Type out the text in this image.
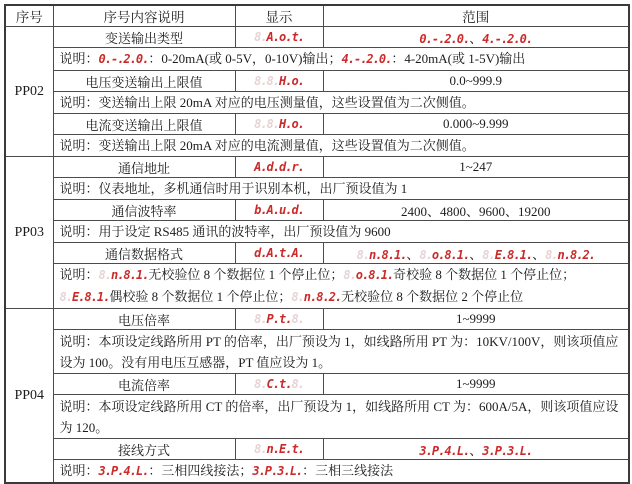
序号	序号内容说明	显示	范围
PP02	变送输出类型	8.A.o.t.	0.-.2.0.、4.-.2.0.
	说明：0.-.2.0.：0-20mA(或 0-5V，0-10V)输出；4.-.2.0.：4-20mA(或 1-5V)输出		
	电压变送输出上限值	8.8.H.o.	0.0~999.9
	说明：变送输出上限 20mA 对应的电压测量值，这些设置值为二次侧值。		
	电流变送输出上限值	8.8.H.o.	0.000~9.999
	说明：变送输出上限 20mA 对应的电流测量值，这些设置值为二次侧值。		
PP03	通信地址	A.d.d.r.	1~247
	说明：仪表地址，多机通信时用于识别本机，出厂预设值为 1		
	通信波特率	b.A.u.d.	2400、4800、9600、19200
	说明：用于设定 RS485 通讯的波特率，出厂预设值为 9600		
	通信数据格式	d.A.t.A.	8.n.8.1.、8.o.8.1.、8.E.8.1.、8.n.8.2.
	说明：8.n.8.1.无校验位 8 个数据位 1 个停止位；8.o.8.1.奇校验 8 个数据位 1 个停止位；8.E.8.1.偶校验 8 个数据位 1 个停止位；8.n.8.2.无校验位 8 个数据位 2 个停止位		
PP04	电压倍率	8.P.t.8.	1~9999
	说明：本项设定线路所用 PT 的倍率，出厂预设为 1，如线路所用 PT 为：10KV/100V，则该项值应设为 100。没有用电压互感器，PT 值应设为 1。		
	电流倍率	8.C.t.8.	1~9999
	说明：本项设定线路所用 CT 的倍率，出厂预设为 1，如线路所用 CT 为：600A/5A，则该项值应设为 120。		
	接线方式	8.n.E.t.	3.P.4.L.、3.P.3.L.
	说明：3.P.4.L.：三相四线接法；3.P.3.L.：三相三线接法		
